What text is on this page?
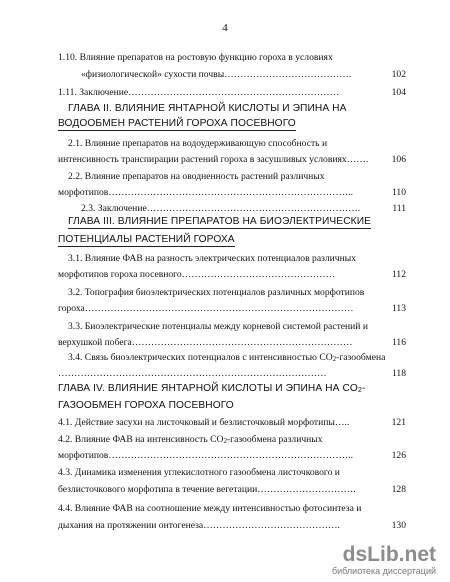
4
1.10. Влияние препаратов на ростовую функцию гороха в условиях
«физиологической» сухости почвы ………………………………….	102
1.11. Заключение …………………………………………………………	104
ГЛАВА II. ВЛИЯНИЕ ЯНТАРНОЙ КИСЛОТЫ И ЭПИНА НА
ВОДООБМЕН РАСТЕНИЙ ГОРОХА ПОСЕВНОГО
2.1. Влияние препаратов на водоудерживающую способность и
интенсивность транспирации растений гороха в засушливых условиях …….	106
2.2. Влияние препаратов на оводненность растений различных
морфотипов …………………………………………………………………..	110
2.3. Заключение ………………………………………………………….	111
ГЛАВА III. ВЛИЯНИЕ ПРЕПАРАТОВ НА БИОЭЛЕКТРИЧЕСКИЕ
ПОТЕНЦИАЛЫ РАСТЕНИЙ ГОРОХА
3.1. Влияние ФАВ на разность электрических потенциалов различных
морфотипов гороха посевного …………………………………………	112
3.2. Топография биоэлектрических потенциалов различных морфотипов
гороха …………………………………………………………………………	113
3.3. Биоэлектрические потенциалы между корневой системой растений и
верхушкой побега ……………………………………………………………	116
3.4. Связь биоэлектрических потенциалов с интенсивностью CO2-газообмена
…………………………………………………………………………	118
ГЛАВА IV. ВЛИЯНИЕ ЯНТАРНОЙ КИСЛОТЫ И ЭПИНА НА CO2-
ГАЗООБМЕН ГОРОХА ПОСЕВНОГО
4.1. Действие засухи на листочковый и безлисточковый морфотипы …..	121
4.2. Влияние ФАВ на интенсивность CO2-газообмена различных
морфотипов …………………………………………………………………..	126
4.3. Динамика изменения углекислотного газообмена листочкового и
безлисточкового морфотипа в течение вегетации ………………………….	128
4.4. Влияние ФАВ на соотношение между интенсивностью фотосинтеза и
дыхания на протяжении онтогенеза …………………………………….	130
dsLib.net
библиотека диссертаций
